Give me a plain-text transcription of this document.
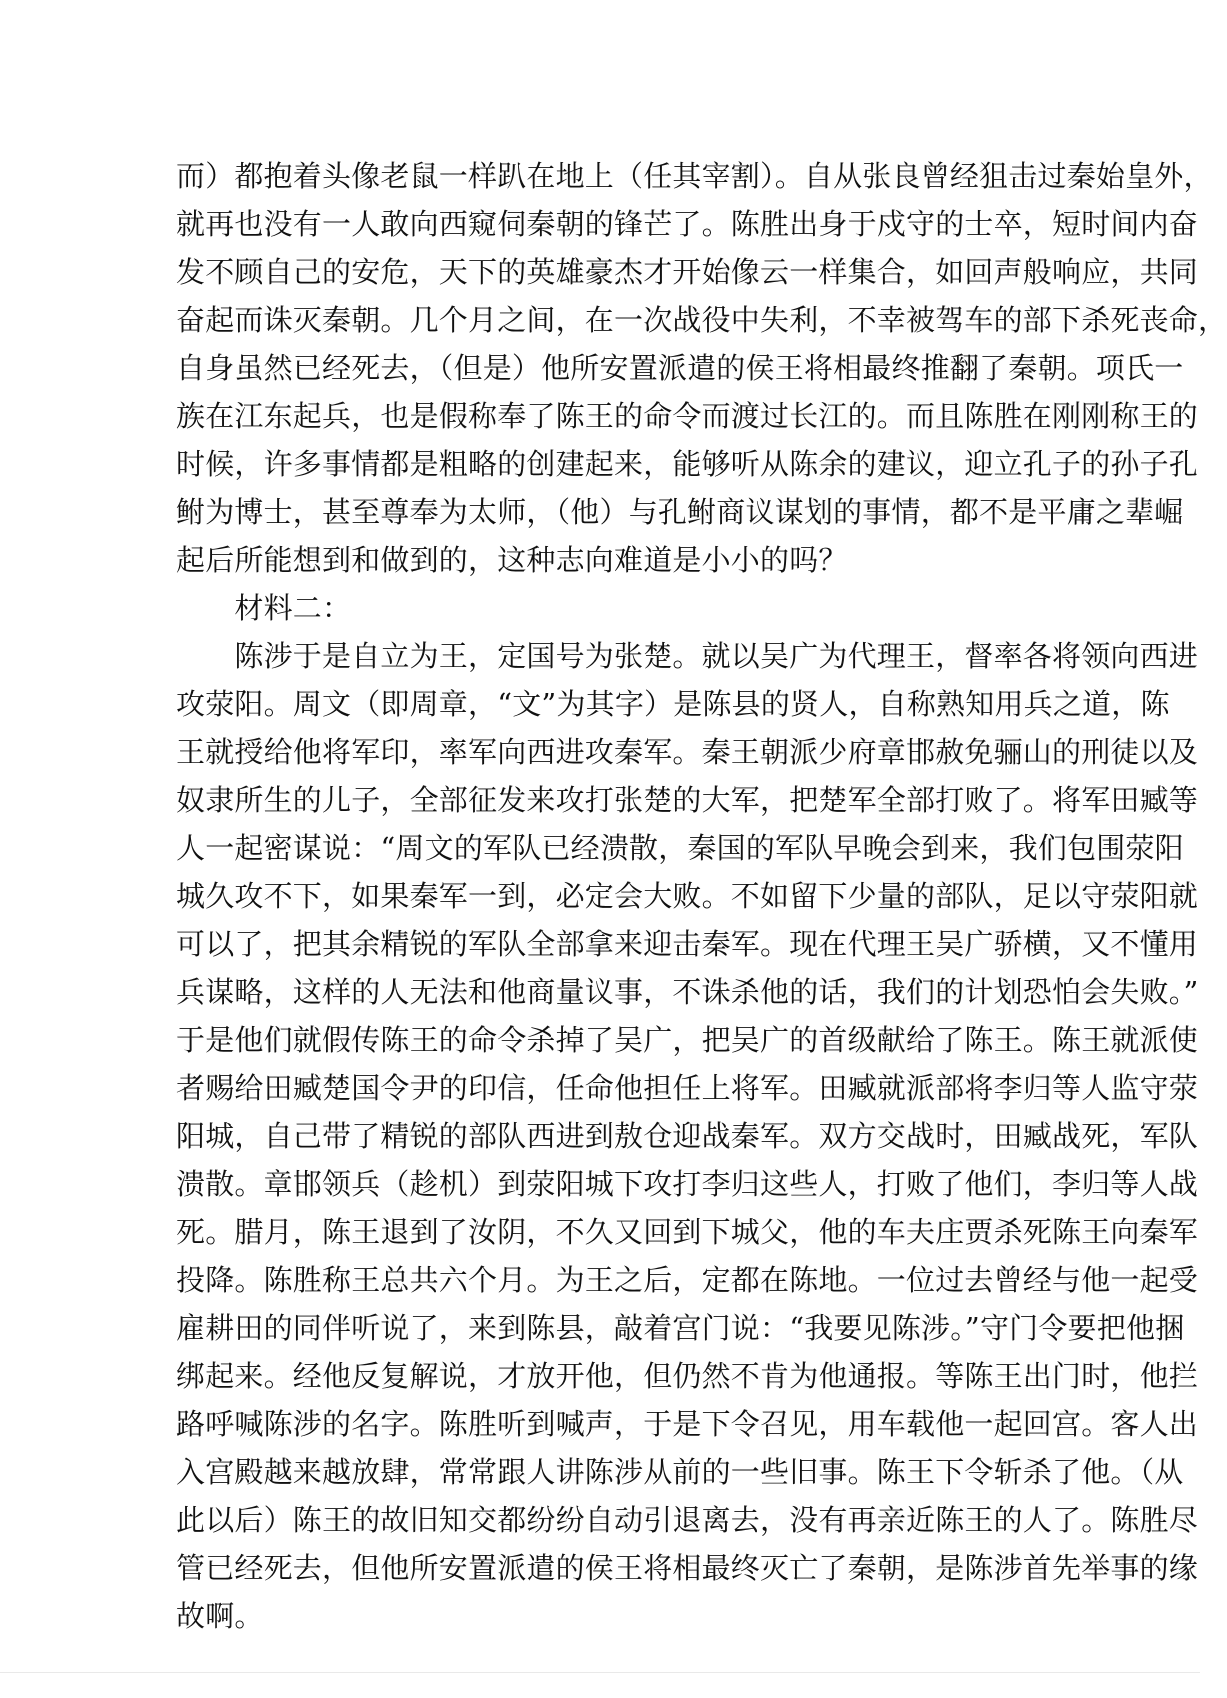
而）都抱着头像老鼠一样趴在地上（任其宰割）。自从张良曾经狙击过秦始皇外，
就再也没有一人敢向西窥伺秦朝的锋芒了。陈胜出身于戍守的士卒，短时间内奋
发不顾自己的安危，天下的英雄豪杰才开始像云一样集合，如回声般响应，共同
奋起而诛灭秦朝。几个月之间，在一次战役中失利，不幸被驾车的部下杀死丧命，
自身虽然已经死去，（但是）他所安置派遣的侯王将相最终推翻了秦朝。项氏一
族在江东起兵，也是假称奉了陈王的命令而渡过长江的。而且陈胜在刚刚称王的
时候，许多事情都是粗略的创建起来，能够听从陈余的建议，迎立孔子的孙子孔
鲋为博士，甚至尊奉为太师，（他）与孔鲋商议谋划的事情，都不是平庸之辈崛
起后所能想到和做到的，这种志向难道是小小的吗？
　　材料二：
　　陈涉于是自立为王，定国号为张楚。就以吴广为代理王，督率各将领向西进
攻荥阳。周文（即周章，“文”为其字）是陈县的贤人，自称熟知用兵之道，陈
王就授给他将军印，率军向西进攻秦军。秦王朝派少府章邯赦免骊山的刑徒以及
奴隶所生的儿子，全部征发来攻打张楚的大军，把楚军全部打败了。将军田臧等
人一起密谋说：“周文的军队已经溃散，秦国的军队早晚会到来，我们包围荥阳
城久攻不下，如果秦军一到，必定会大败。不如留下少量的部队，足以守荥阳就
可以了，把其余精锐的军队全部拿来迎击秦军。现在代理王吴广骄横，又不懂用
兵谋略，这样的人无法和他商量议事，不诛杀他的话，我们的计划恐怕会失败。”
于是他们就假传陈王的命令杀掉了吴广，把吴广的首级献给了陈王。陈王就派使
者赐给田臧楚国令尹的印信，任命他担任上将军。田臧就派部将李归等人监守荥
阳城，自己带了精锐的部队西进到敖仓迎战秦军。双方交战时，田臧战死，军队
溃散。章邯领兵（趁机）到荥阳城下攻打李归这些人，打败了他们，李归等人战
死。腊月，陈王退到了汝阴，不久又回到下城父，他的车夫庄贾杀死陈王向秦军
投降。陈胜称王总共六个月。为王之后，定都在陈地。一位过去曾经与他一起受
雇耕田的同伴听说了，来到陈县，敲着宫门说：“我要见陈涉。”守门令要把他捆
绑起来。经他反复解说，才放开他，但仍然不肯为他通报。等陈王出门时，他拦
路呼喊陈涉的名字。陈胜听到喊声，于是下令召见，用车载他一起回宫。客人出
入宫殿越来越放肆，常常跟人讲陈涉从前的一些旧事。陈王下令斩杀了他。（从
此以后）陈王的故旧知交都纷纷自动引退离去，没有再亲近陈王的人了。陈胜尽
管已经死去，但他所安置派遣的侯王将相最终灭亡了秦朝，是陈涉首先举事的缘
故啊。
